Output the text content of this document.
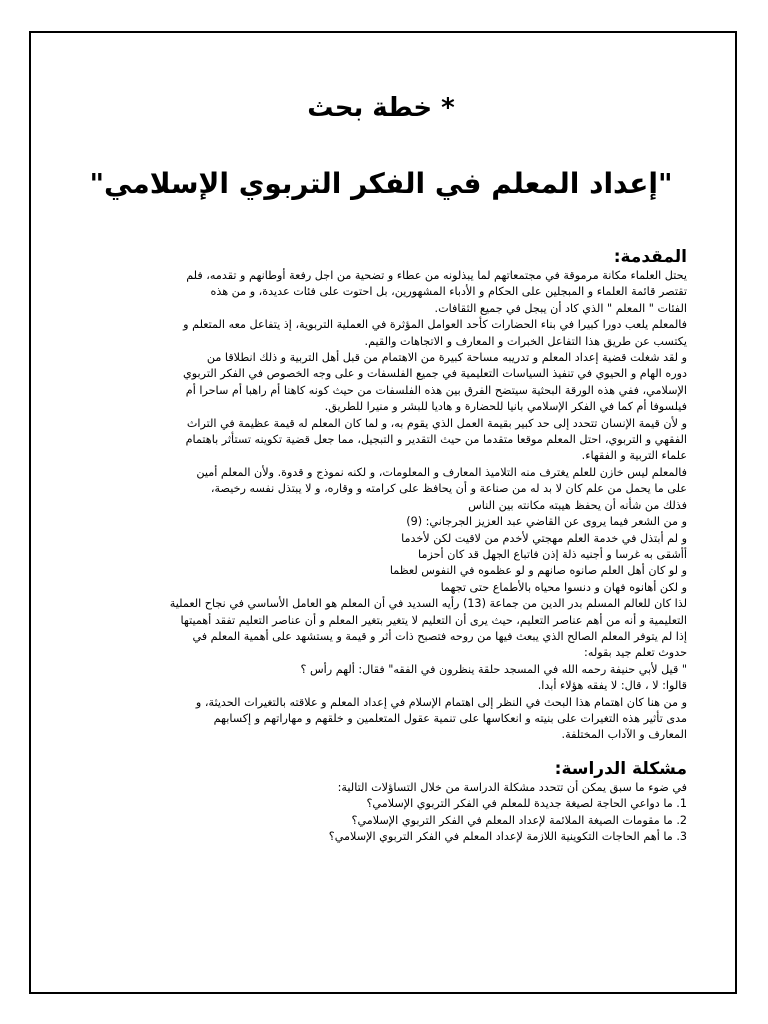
* خطة بحث
"إعداد المعلم في الفكر التربوي الإسلامي"
المقدمة:

يحتل العلماء مكانة مرموقة في مجتمعاتهم لما يبذلونه من عطاء و تضحية من اجل رفعة أوطانهم و تقدمه، فلم

تقتصر قائمة العلماء و المبجلين على الحكام و الأدباء المشهورين، بل احتوت على فئات عديدة، و من هذه

الفئات " المعلم " الذي كاد أن يبجل في جميع الثقافات.

فالمعلم يلعب دورا كبيرا في بناء الحضارات كأحد العوامل المؤثرة في العملية التربوية، إذ يتفاعل معه المتعلم و

يكتسب عن طريق هذا التفاعل الخبرات و المعارف و الاتجاهات والقيم.

و لقد شغلت قضية إعداد المعلم و تدريبه مساحة كبيرة من الاهتمام من قبل أهل التربية و ذلك انطلاقا من

دوره الهام و الحيوي في تنفيذ السياسات التعليمية في جميع الفلسفات و على وجه الخصوص في الفكر التربوي

الإسلامي، ففي هذه الورقة البحثية سيتضح الفرق بين هذه الفلسفات من حيث كونه كاهنا أم راهبا أم ساحرا أم

فيلسوفا أم كما في الفكر الإسلامي بانيا للحضارة و هاديا للبشر و منيرا للطريق.

و لأن قيمة الإنسان تتحدد إلى حد كبير بقيمة العمل الذي يقوم به، و لما كان المعلم له قيمة عظيمة في التراث

الفقهي و التربوي، احتل المعلم موقعا متقدما من حيث التقدير و التبجيل، مما جعل قضية تكوينه تستأثر باهتمام

علماء التربية و الفقهاء.

فالمعلم ليس خازن للعلم يغترف منه التلاميذ المعارف و المعلومات، و لكنه نموذج و قدوة. ولأن المعلم أمين

على ما يحمل من علم كان لا بد له من صناعة و أن يحافظ على كرامته و وقاره، و لا يبتذل نفسه رخيصة،

فذلك من شأنه أن يحفظ هيبته مكانته بين الناس

و من الشعر فيما يروى عن القاضي عبد العزيز الجرجاني: (9)

و لم أبتذل في خدمة العلم مهجتي لأخدم من لاقيت لكن لأخدما

أأشقى به غرسا و أجنيه ذلة إذن فاتباع الجهل قد كان أحزما

و لو كان أهل العلم صانوه صانهم و لو عظموه في النفوس لعظما

و لكن أهانوه فهان و دنسوا محياه بالأطماع حتى تجهما

لذا كان للعالم المسلم بدر الدين من جماعة (13) رأيه السديد في أن المعلم هو العامل الأساسي في نجاح العملية

التعليمية و أنه من أهم عناصر التعليم، حيث يرى أن التعليم لا يتغير بتغير المعلم و أن عناصر التعليم تفقد أهميتها

إذا لم يتوفر المعلم الصالح الذي يبعث فيها من روحه فتصبح ذات أثر و قيمة و يستشهد على أهمية المعلم في

حدوث تعلم جيد بقوله:

" قيل لأبي حنيفة رحمه الله في المسجد حلقة ينظرون في الفقه" فقال: ألهم رأس ؟

قالوا: لا ، قال: لا يفقه هؤلاء أبدا.

و من هنا كان اهتمام هذا البحث في النظر إلى اهتمام الإسلام في إعداد المعلم و علاقته بالتغيرات الحديثة، و

مدى تأثير هذه التغيرات على بنيته و انعكاسها على تنمية عقول المتعلمين و خلقهم و مهاراتهم و إكسابهم

المعارف و الآداب المختلفة.

مشكلة الدراسة:

في ضوء ما سبق يمكن أن تتحدد مشكلة الدراسة من خلال التساؤلات التالية:

1. ما دواعي الحاجة لصيغة جديدة للمعلم في الفكر التربوي الإسلامي؟

2. ما مقومات الصيغة الملائمة لإعداد المعلم في الفكر التربوي الإسلامي؟

3. ما أهم الحاجات التكوينية اللازمة لإعداد المعلم في الفكر التربوي الإسلامي؟
